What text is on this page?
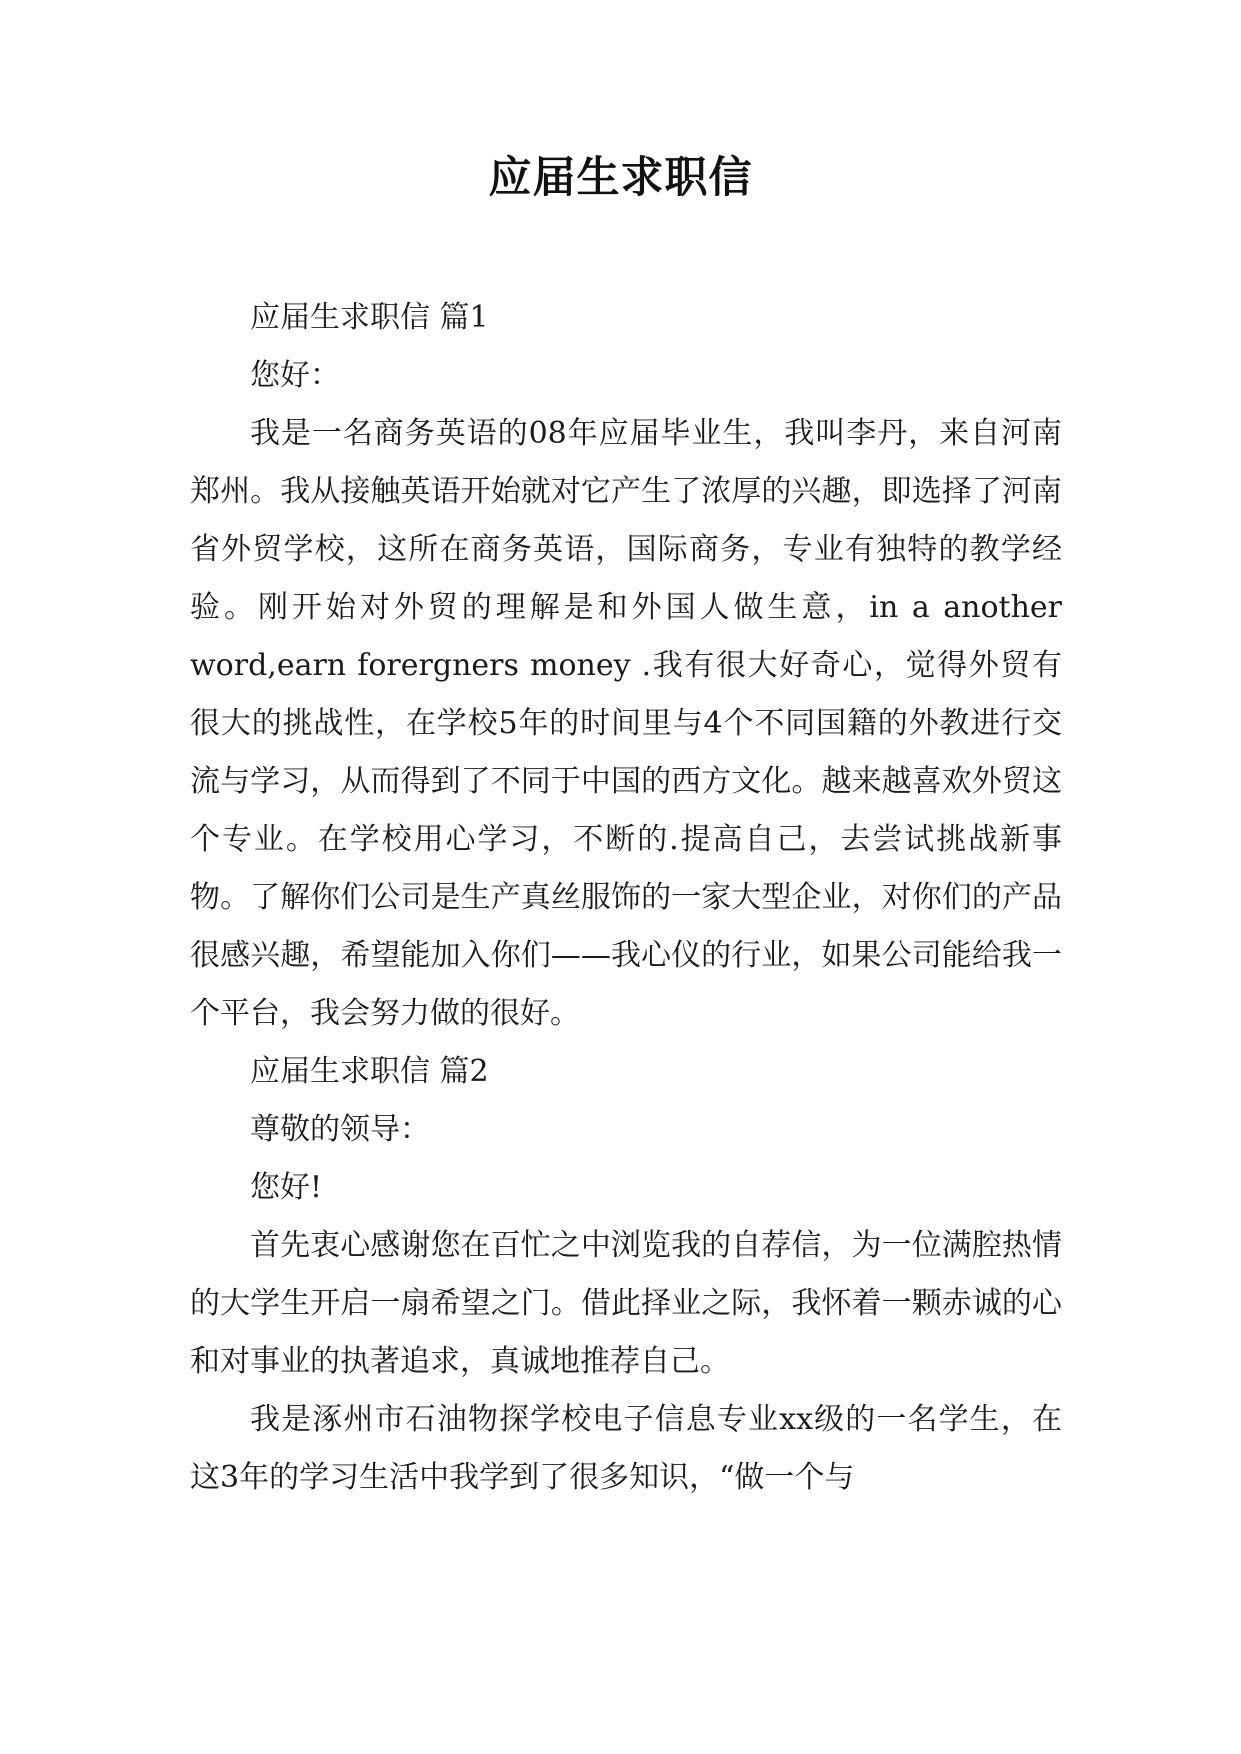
应届生求职信

应届生求职信 篇1

您好：

我是一名商务英语的08年应届毕业生，我叫李丹，来自河南郑州。我从接触英语开始就对它产生了浓厚的兴趣，即选择了河南省外贸学校，这所在商务英语，国际商务，专业有独特的教学经验。刚开始对外贸的理解是和外国人做生意，in a another word,earn forergners money .我有很大好奇心，觉得外贸有很大的挑战性，在学校5年的时间里与4个不同国籍的外教进行交流与学习，从而得到了不同于中国的西方文化。越来越喜欢外贸这个专业。在学校用心学习，不断的.提高自己，去尝试挑战新事物。了解你们公司是生产真丝服饰的一家大型企业，对你们的产品很感兴趣，希望能加入你们——我心仪的行业，如果公司能给我一个平台，我会努力做的很好。

应届生求职信 篇2

尊敬的领导：

您好!

首先衷心感谢您在百忙之中浏览我的自荐信，为一位满腔热情的大学生开启一扇希望之门。借此择业之际，我怀着一颗赤诚的心和对事业的执著追求，真诚地推荐自己。

我是涿州市石油物探学校电子信息专业xx级的一名学生，在这3年的学习生活中我学到了很多知识，“做一个与
